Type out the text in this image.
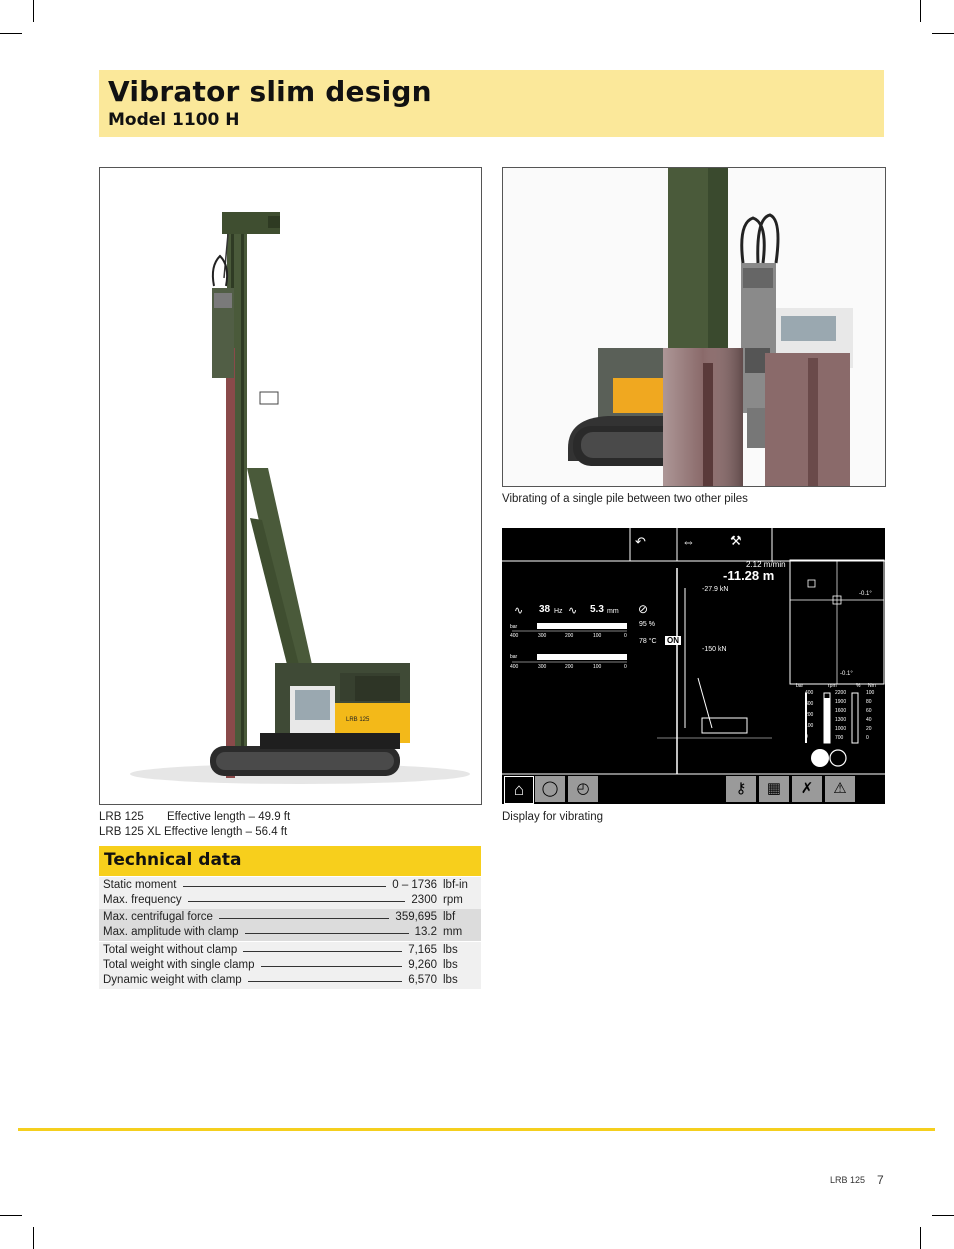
Vibrator slim design
Model 1100 H
LRB 125
LRB 125 Effective length – 49.9 ft
LRB 125 XL Effective length – 56.4 ft
Vibrating of a single pile between two other piles
↶	⇔	⚒
2.12 m/min
-11.28 m
-27.9 kN
-150 kN
∿ 38 Hz ∿ 5.3 mm ⊘
95 %
78 °C ON
bar
400	300	200	100	0
bar
400	300	200	100	0
-0.1°
-0.1°
bar
400
300
200
100
0
rpm
2200
1900
1600
1300
1000
700
% Nm
100
80
60
40
20
0
⌂	◯	◴	⚷	▦	✗	⚠
Display for vibrating
Technical data
Static moment	0 – 1736 lbf-in
Max. frequency	2300 rpm
Max. centrifugal force	359,695 lbf
Max. amplitude with clamp	13.2 mm
Total weight without clamp	7,165 lbs
Total weight with single clamp	9,260 lbs
Dynamic weight with clamp	6,570 lbs
LRB 125 7
